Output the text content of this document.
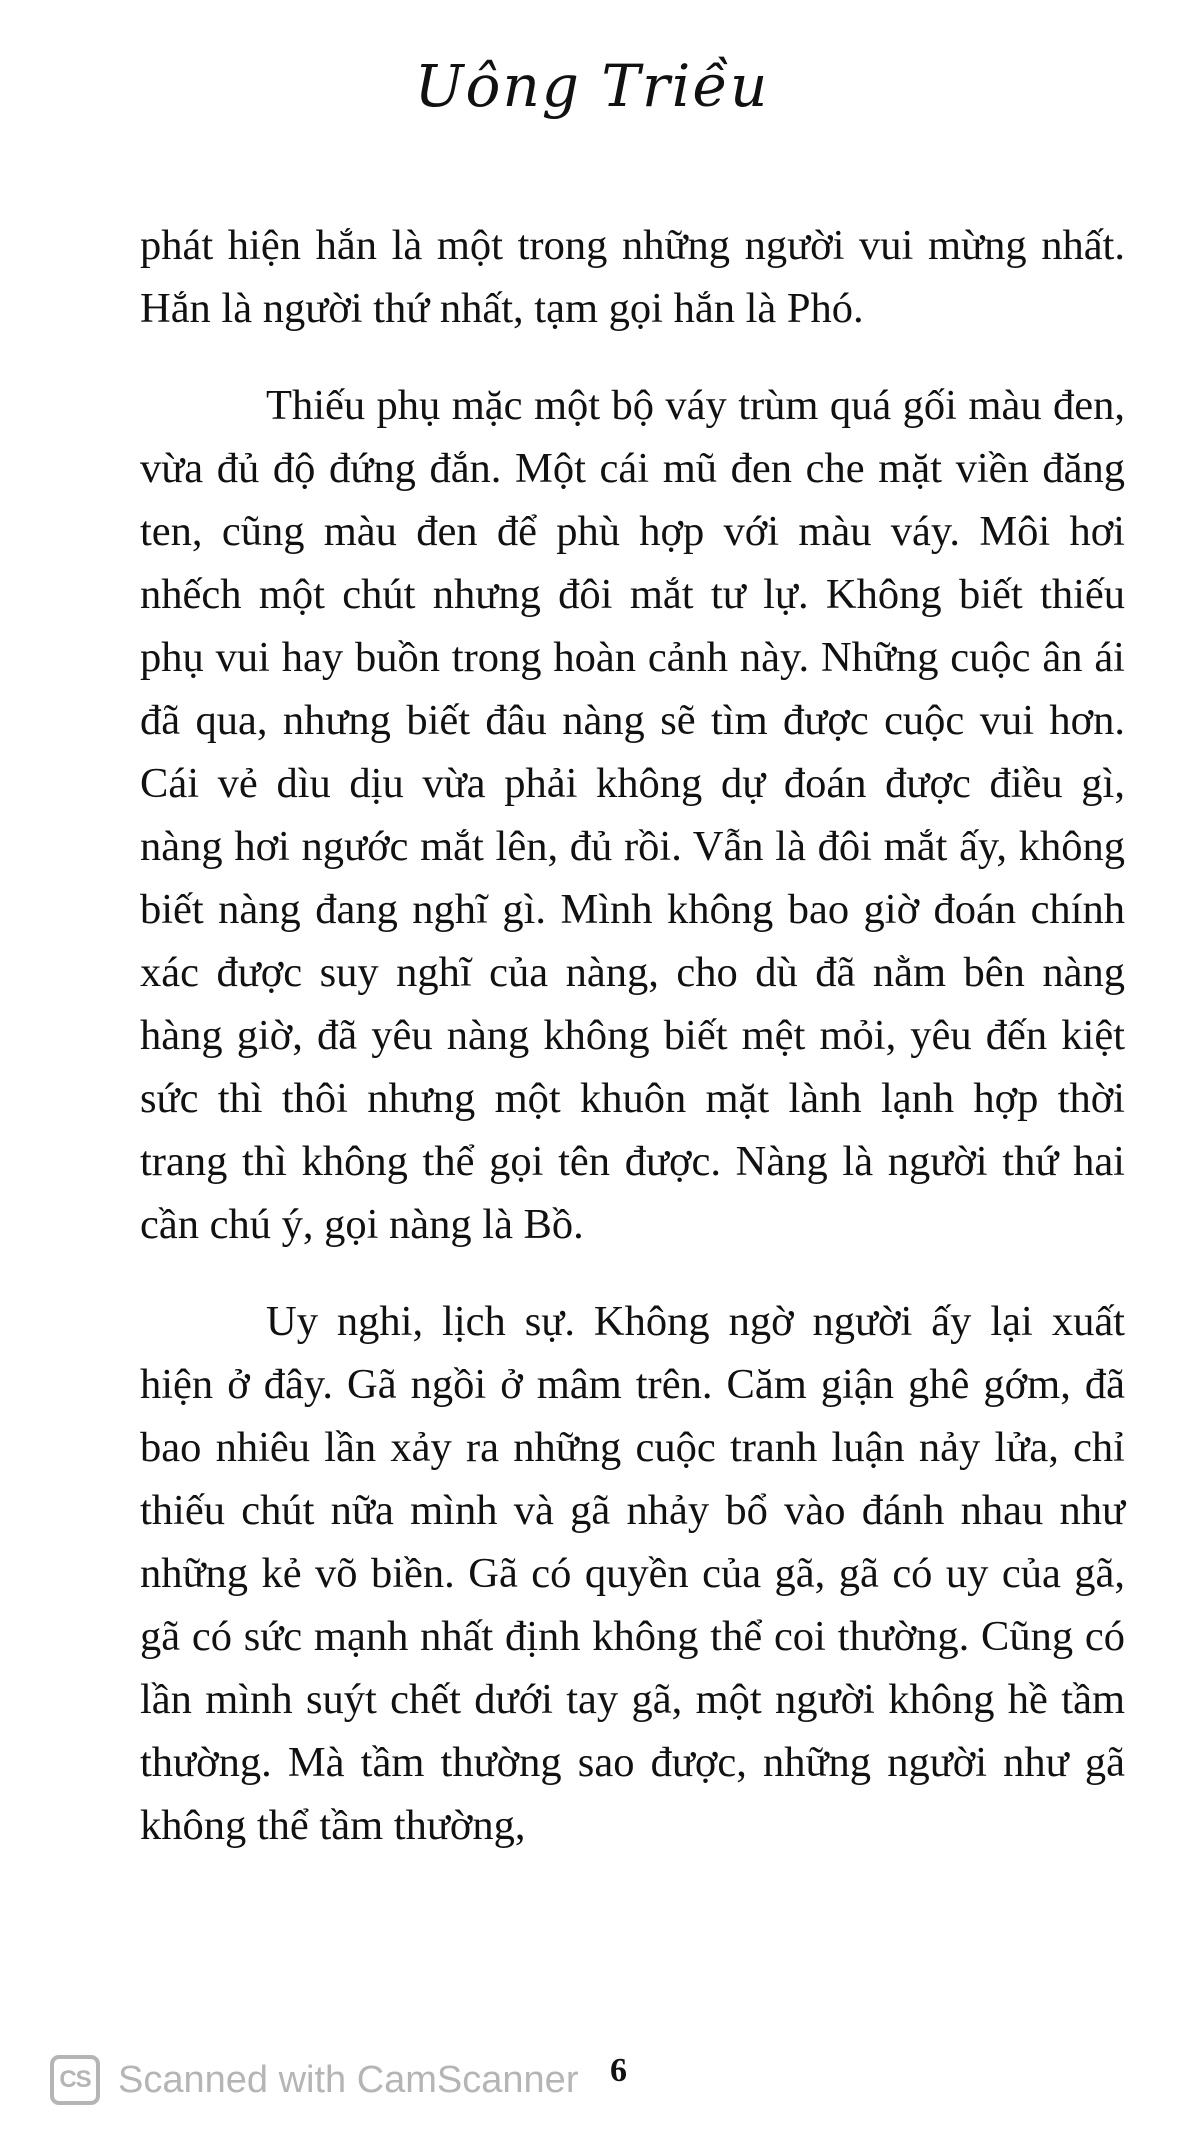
Uông Triều

phát hiện hắn là một trong những người vui mừng nhất. Hắn là người thứ nhất, tạm gọi hắn là Phó.

Thiếu phụ mặc một bộ váy trùm quá gối màu đen, vừa đủ độ đứng đắn. Một cái mũ đen che mặt viền đăng ten, cũng màu đen để phù hợp với màu váy. Môi hơi nhếch một chút nhưng đôi mắt tư lự. Không biết thiếu phụ vui hay buồn trong hoàn cảnh này. Những cuộc ân ái đã qua, nhưng biết đâu nàng sẽ tìm được cuộc vui hơn. Cái vẻ dìu dịu vừa phải không dự đoán được điều gì, nàng hơi ngước mắt lên, đủ rồi. Vẫn là đôi mắt ấy, không biết nàng đang nghĩ gì. Mình không bao giờ đoán chính xác được suy nghĩ của nàng, cho dù đã nằm bên nàng hàng giờ, đã yêu nàng không biết mệt mỏi, yêu đến kiệt sức thì thôi nhưng một khuôn mặt lành lạnh hợp thời trang thì không thể gọi tên được. Nàng là người thứ hai cần chú ý, gọi nàng là Bồ.

Uy nghi, lịch sự. Không ngờ người ấy lại xuất hiện ở đây. Gã ngồi ở mâm trên. Căm giận ghê gớm, đã bao nhiêu lần xảy ra những cuộc tranh luận nảy lửa, chỉ thiếu chút nữa mình và gã nhảy bổ vào đánh nhau như những kẻ võ biền. Gã có quyền của gã, gã có uy của gã, gã có sức mạnh nhất định không thể coi thường. Cũng có lần mình suýt chết dưới tay gã, một người không hề tầm thường. Mà tầm thường sao được, những người như gã không thể tầm thường,

CS Scanned with CamScanner 6
